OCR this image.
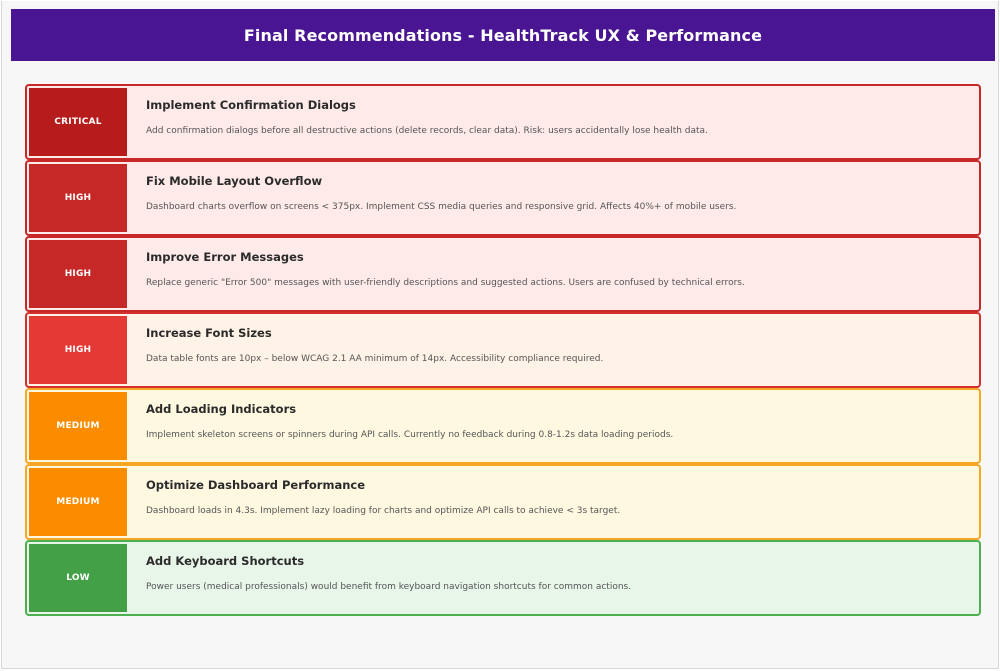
Final Recommendations - HealthTrack UX & Performance
CRITICAL
Implement Confirmation Dialogs
Add confirmation dialogs before all destructive actions (delete records, clear data). Risk: users accidentally lose health data.
HIGH
Fix Mobile Layout Overflow
Dashboard charts overflow on screens < 375px. Implement CSS media queries and responsive grid. Affects 40%+ of mobile users.
HIGH
Improve Error Messages
Replace generic "Error 500" messages with user-friendly descriptions and suggested actions. Users are confused by technical errors.
HIGH
Increase Font Sizes
Data table fonts are 10px – below WCAG 2.1 AA minimum of 14px. Accessibility compliance required.
MEDIUM
Add Loading Indicators
Implement skeleton screens or spinners during API calls. Currently no feedback during 0.8-1.2s data loading periods.
MEDIUM
Optimize Dashboard Performance
Dashboard loads in 4.3s. Implement lazy loading for charts and optimize API calls to achieve < 3s target.
LOW
Add Keyboard Shortcuts
Power users (medical professionals) would benefit from keyboard navigation shortcuts for common actions.
